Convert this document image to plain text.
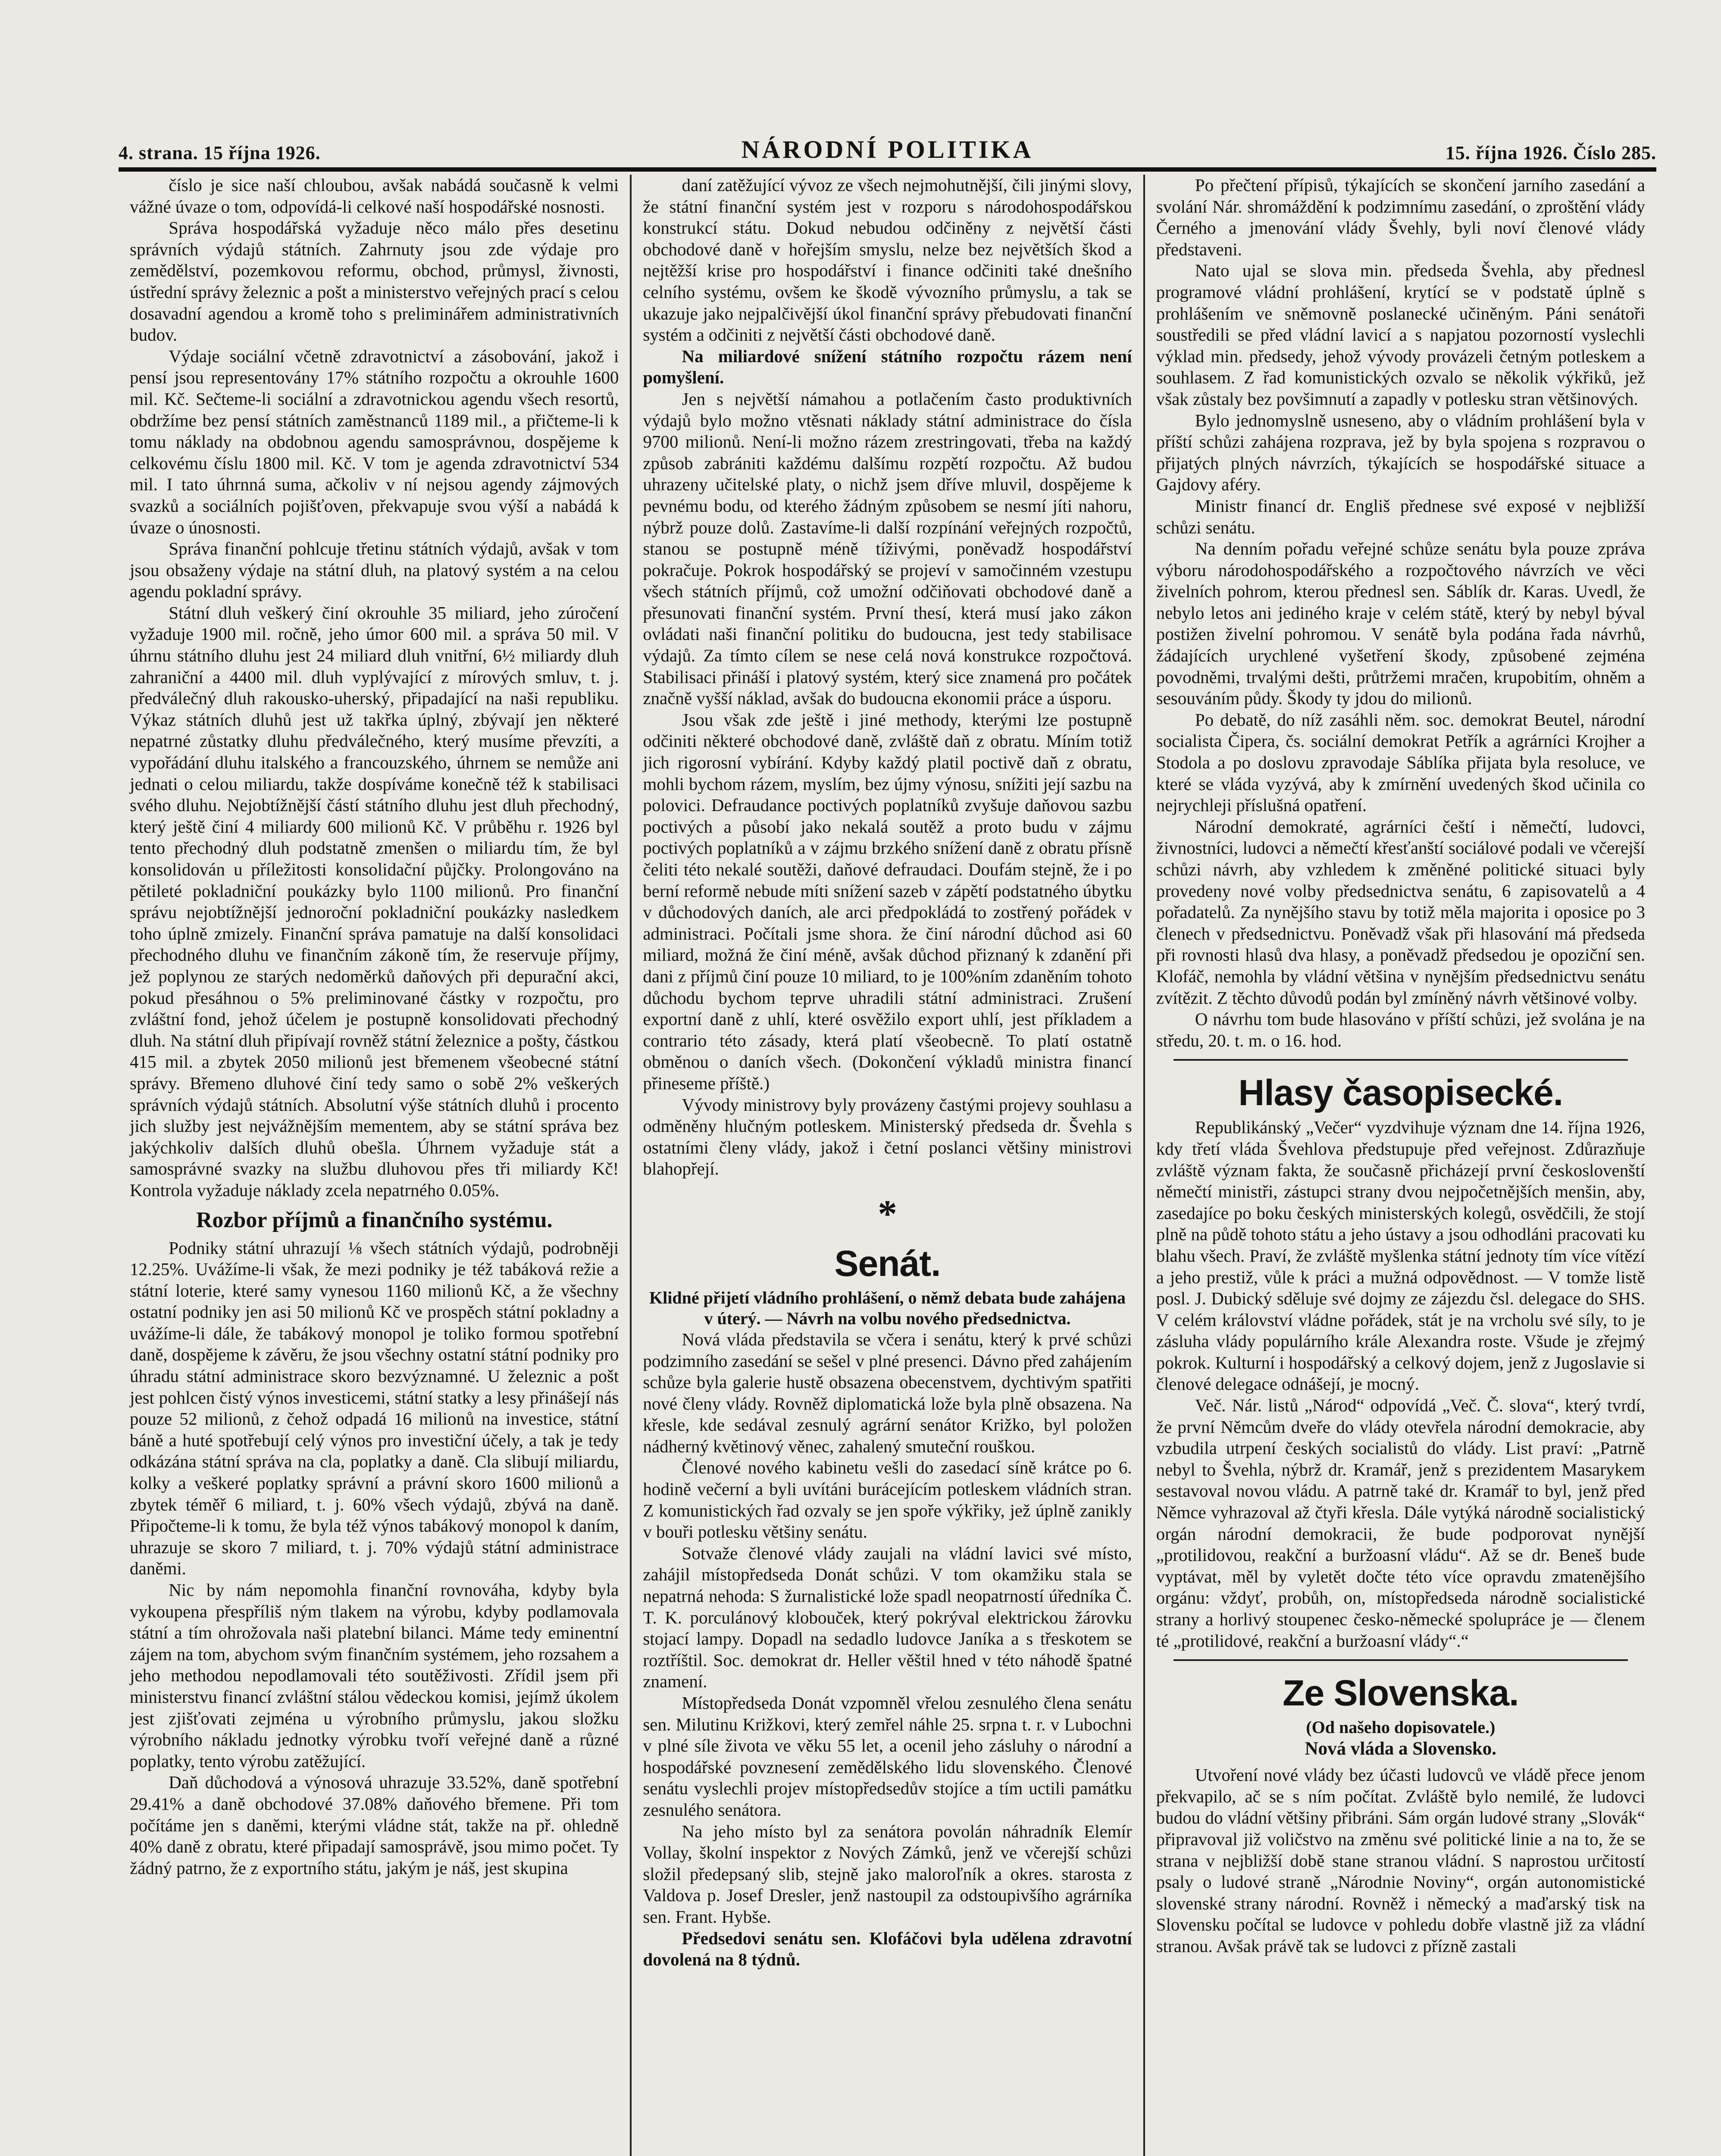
4. strana. 15 října 1926.	NÁRODNÍ POLITIKA	15. října 1926. Číslo 285.

číslo je sice naší chloubou, avšak nabádá současně k velmi vážné úvaze o tom, odpovídá-li celkové naší hospodářské nosnosti.

Správa hospodářská vyžaduje něco málo přes desetinu správních výdajů státních. Zahrnuty jsou zde výdaje pro zemědělství, pozemkovou reformu, obchod, průmysl, živnosti, ústřední správy železnic a pošt a ministerstvo veřejných prací s celou dosavadní agendou a kromě toho s preliminářem administrativních budov.

Výdaje sociální včetně zdravotnictví a zásobování, jakož i pensí jsou representovány 17% státního rozpočtu a okrouhle 1600 mil. Kč. Sečteme-li sociální a zdravotnickou agendu všech resortů, obdržíme bez pensí státních zaměstnanců 1189 mil., a přičteme-li k tomu náklady na obdobnou agendu samosprávnou, dospějeme k celkovému číslu 1800 mil. Kč. V tom je agenda zdravotnictví 534 mil. I tato úhrnná suma, ačkoliv v ní nejsou agendy zájmových svazků a sociálních pojišťoven, překvapuje svou výší a nabádá k úvaze o únosnosti.

Správa finanční pohlcuje třetinu státních výdajů, avšak v tom jsou obsaženy výdaje na státní dluh, na platový systém a na celou agendu pokladní správy.

Státní dluh veškerý činí okrouhle 35 miliard, jeho zúročení vyžaduje 1900 mil. ročně, jeho úmor 600 mil. a správa 50 mil. V úhrnu státního dluhu jest 24 miliard dluh vnitřní, 6½ miliardy dluh zahraniční a 4400 mil. dluh vyplývající z mírových smluv, t. j. předválečný dluh rakousko-uherský, připadající na naši republiku. Výkaz státních dluhů jest už takřka úplný, zbývají jen některé nepatrné zůstatky dluhu předválečného, který musíme převzíti, a vypořádání dluhu italského a francouzského, úhrnem se nemůže ani jednati o celou miliardu, takže dospíváme konečně též k stabilisaci svého dluhu. Nejobtížnější částí státního dluhu jest dluh přechodný, který ještě činí 4 miliardy 600 milionů Kč. V průběhu r. 1926 byl tento přechodný dluh podstatně zmenšen o miliardu tím, že byl konsolidován u příležitosti konsolidační půjčky. Prolongováno na pětileté pokladniční poukázky bylo 1100 milionů. Pro finanční správu nejobtížnější jednoroční pokladniční poukázky nasledkem toho úplně zmizely. Finanční správa pamatuje na další konsolidaci přechodného dluhu ve finančním zákoně tím, že reservuje příjmy, jež poplynou ze starých nedoměrků daňových při depurační akci, pokud přesáhnou o 5% preliminované částky v rozpočtu, pro zvláštní fond, jehož účelem je postupně konsolidovati přechodný dluh. Na státní dluh připívají rovněž státní železnice a pošty, částkou 415 mil. a zbytek 2050 milionů jest břemenem všeobecné státní správy. Břemeno dluhové činí tedy samo o sobě 2% veškerých správních výdajů státních. Absolutní výše státních dluhů i procento jich služby jest nejvážnějším mementem, aby se státní správa bez jakýchkoliv dalších dluhů obešla. Úhrnem vyžaduje stát a samosprávné svazky na službu dluhovou přes tři miliardy Kč! Kontrola vyžaduje náklady zcela nepatrného 0.05%.

Rozbor příjmů a finančního systému.

Podniky státní uhrazují ⅛ všech státních výdajů, podrobněji 12.25%. Uvážíme-li však, že mezi podniky je též tabáková režie a státní loterie, které samy vynesou 1160 milionů Kč, a že všechny ostatní podniky jen asi 50 milionů Kč ve prospěch státní pokladny a uvážíme-li dále, že tabákový monopol je toliko formou spotřební daně, dospějeme k závěru, že jsou všechny ostatní státní podniky pro úhradu státní administrace skoro bezvýznamné. U železnic a pošt jest pohlcen čistý výnos investicemi, státní statky a lesy přinášejí nás pouze 52 milionů, z čehož odpadá 16 milionů na investice, státní báně a huté spotřebují celý výnos pro investiční účely, a tak je tedy odkázána státní správa na cla, poplatky a daně. Cla slibují miliardu, kolky a veškeré poplatky správní a právní skoro 1600 milionů a zbytek téměř 6 miliard, t. j. 60% všech výdajů, zbývá na daně. Připočteme-li k tomu, že byla též výnos tabákový monopol k daním, uhrazuje se skoro 7 miliard, t. j. 70% výdajů státní administrace daněmi.

Nic by nám nepomohla finanční rovnováha, kdyby byla vykoupena přespříliš ným tlakem na výrobu, kdyby podlamovala státní a tím ohrožovala naši platební bilanci. Máme tedy eminentní zájem na tom, abychom svým finančním systémem, jeho rozsahem a jeho methodou nepodlamovali této soutěživosti. Zřídil jsem při ministerstvu financí zvláštní stálou vědeckou komisi, jejímž úkolem jest zjišťovati zejména u výrobního průmyslu, jakou složku výrobního nákladu jednotky výrobku tvoří veřejné daně a různé poplatky, tento výrobu zatěžující.

Daň důchodová a výnosová uhrazuje 33.52%, daně spotřební 29.41% a daně obchodové 37.08% daňového břemene. Při tom počítáme jen s daněmi, kterými vládne stát, takže na př. ohledně 40% daně z obratu, které připadají samosprávě, jsou mimo počet. Ty žádný patrno, že z exportního státu, jakým je náš, jest skupina

daní zatěžující vývoz ze všech nejmohutnější, čili jinými slovy, že státní finanční systém jest v rozporu s národohospodářskou konstrukcí státu. Dokud nebudou odčiněny z největší části obchodové daně v hořejším smyslu, nelze bez největších škod a nejtěžší krise pro hospodářství i finance odčiniti také dnešního celního systému, ovšem ke škodě vývozního průmyslu, a tak se ukazuje jako nejpalčivější úkol finanční správy přebudovati finanční systém a odčiniti z největší části obchodové daně.

Na miliardové snížení státního rozpočtu rázem není pomyšlení.

Jen s největší námahou a potlačením často produktivních výdajů bylo možno vtěsnati náklady státní administrace do čísla 9700 milionů. Není-li možno rázem zrestringovati, třeba na každý způsob zabrániti každému dalšímu rozpětí rozpočtu. Až budou uhrazeny učitelské platy, o nichž jsem dříve mluvil, dospějeme k pevnému bodu, od kterého žádným způsobem se nesmí jíti nahoru, nýbrž pouze dolů. Zastavíme-li další rozpínání veřejných rozpočtů, stanou se postupně méně tíživými, poněvadž hospodářství pokračuje. Pokrok hospodářský se projeví v samočinném vzestupu všech státních příjmů, což umožní odčiňovati obchodové daně a přesunovati finanční systém. První thesí, která musí jako zákon ovládati naši finanční politiku do budoucna, jest tedy stabilisace výdajů. Za tímto cílem se nese celá nová konstrukce rozpočtová. Stabilisaci přináší i platový systém, který sice znamená pro počátek značně vyšší náklad, avšak do budoucna ekonomii práce a úsporu.

Jsou však zde ještě i jiné methody, kterými lze postupně odčiniti některé obchodové daně, zvláště daň z obratu. Míním totiž jich rigorosní vybírání. Kdyby každý platil poctivě daň z obratu, mohli bychom rázem, myslím, bez újmy výnosu, snížiti její sazbu na polovici. Defraudance poctivých poplatníků zvyšuje daňovou sazbu poctivých a působí jako nekalá soutěž a proto budu v zájmu poctivých poplatníků a v zájmu brzkého snížení daně z obratu přísně čeliti této nekalé soutěži, daňové defraudaci. Doufám stejně, že i po berní reformě nebude míti snížení sazeb v zápětí podstatného úbytku v důchodových daních, ale arci předpokládá to zostřený pořádek v administraci. Počítali jsme shora. že činí národní důchod asi 60 miliard, možná že činí méně, avšak důchod přiznaný k zdanění při dani z příjmů činí pouze 10 miliard, to je 100%ním zdaněním tohoto důchodu bychom teprve uhradili státní administraci. Zrušení exportní daně z uhlí, které osvěžilo export uhlí, jest příkladem a contrario této zásady, která platí všeobecně. To platí ostatně obměnou o daních všech. (Dokončení výkladů ministra financí přineseme příště.)

Vývody ministrovy byly provázeny častými projevy souhlasu a odměněny hlučným potleskem. Ministerský předseda dr. Švehla s ostatními členy vlády, jakož i četní poslanci většiny ministrovi blahopřejí.

*
Senát.
Klidné přijetí vládního prohlášení, o němž debata bude zahájena v úterý. — Návrh na volbu nového předsednictva.

Nová vláda představila se včera i senátu, který k prvé schůzi podzimního zasedání se sešel v plné presenci. Dávno před zahájením schůze byla galerie hustě obsazena obecenstvem, dychtivým spatřiti nové členy vlády. Rovněž diplomatická lože byla plně obsazena. Na křesle, kde sedával zesnulý agrární senátor Križko, byl položen nádherný květinový věnec, zahalený smuteční rouškou.

Členové nového kabinetu vešli do zasedací síně krátce po 6. hodině večerní a byli uvítáni burácejícím potleskem vládních stran. Z komunistických řad ozvaly se jen spoře výkřiky, jež úplně zanikly v bouři potlesku většiny senátu.

Sotvaže členové vlády zaujali na vládní lavici své místo, zahájil místopředseda Donát schůzi. V tom okamžiku stala se nepatrná nehoda: S žurnalistické lože spadl neopatrností úředníka Č. T. K. porculánový klobouček, který pokrýval elektrickou žárovku stojací lampy. Dopadl na sedadlo ludovce Janíka a s třeskotem se roztříštil. Soc. demokrat dr. Heller věštil hned v této náhodě špatné znamení.

Místopředseda Donát vzpomněl vřelou zesnulého člena senátu sen. Milutinu Križkovi, který zemřel náhle 25. srpna t. r. v Lubochni v plné síle života ve věku 55 let, a ocenil jeho zásluhy o národní a hospodářské povznesení zemědělského lidu slovenského. Členové senátu vyslechli projev místopředsedův stojíce a tím uctili památku zesnulého senátora.

Na jeho místo byl za senátora povolán náhradník Elemír Vollay, školní inspektor z Nových Zámků, jenž ve včerejší schůzi složil předepsaný slib, stejně jako maloroľník a okres. starosta z Valdova p. Josef Dresler, jenž nastoupil za odstoupivšího agrárníka sen. Frant. Hybše.

Předsedovi senátu sen. Klofáčovi byla udělena zdravotní dovolená na 8 týdnů.

Po přečtení přípisů, týkajících se skončení jarního zasedání a svolání Nár. shromáždění k podzimnímu zasedání, o zproštění vlády Černého a jmenování vlády Švehly, byli noví členové vlády představeni.

Nato ujal se slova min. předseda Švehla, aby přednesl programové vládní prohlášení, krytící se v podstatě úplně s prohlášením ve sněmovně poslanecké učiněným. Páni senátoři soustředili se před vládní lavicí a s napjatou pozorností vyslechli výklad min. předsedy, jehož vývody provázeli četným potleskem a souhlasem. Z řad komunistických ozvalo se několik výkřiků, jež však zůstaly bez povšimnutí a zapadly v potlesku stran většinových.

Bylo jednomyslně usneseno, aby o vládním prohlášení byla v příští schůzi zahájena rozprava, jež by byla spojena s rozpravou o přijatých plných návrzích, týkajících se hospodářské situace a Gajdovy aféry.

Ministr financí dr. Engliš přednese své exposé v nejbližší schůzi senátu.

Na denním pořadu veřejné schůze senátu byla pouze zpráva výboru národohospodářského a rozpočtového návrzích ve věci živelních pohrom, kterou přednesl sen. Sáblík dr. Karas. Uvedl, že nebylo letos ani jediného kraje v celém státě, který by nebyl býval postižen živelní pohromou. V senátě byla podána řada návrhů, žádajících urychlené vyšetření škody, způsobené zejména povodněmi, trvalými dešti, průtržemi mračen, krupobitím, ohněm a sesouváním půdy. Škody ty jdou do milionů.

Po debatě, do níž zasáhli něm. soc. demokrat Beutel, národní socialista Čipera, čs. sociální demokrat Petřík a agrárníci Krojher a Stodola a po doslovu zpravodaje Sáblíka přijata byla resoluce, ve které se vláda vyzývá, aby k zmírnění uvedených škod učinila co nejrychleji příslušná opatření.

Národní demokraté, agrárníci čeští i němečtí, ludovci, živnostníci, ludovci a němečtí křesťanští sociálové podali ve včerejší schůzi návrh, aby vzhledem k změněné politické situaci byly provedeny nové volby předsednictva senátu, 6 zapisovatelů a 4 pořadatelů. Za nynějšího stavu by totiž měla majorita i oposice po 3 členech v předsednictvu. Poněvadž však při hlasování má předseda při rovnosti hlasů dva hlasy, a poněvadž předsedou je opoziční sen. Klofáč, nemohla by vládní většina v nynějším předsednictvu senátu zvítězit. Z těchto důvodů podán byl zmíněný návrh většinové volby.

O návrhu tom bude hlasováno v příští schůzi, jež svolána je na středu, 20. t. m. o 16. hod.

Hlasy časopisecké.

Republikánský „Večer“ vyzdvihuje význam dne 14. října 1926, kdy třetí vláda Švehlova předstupuje před veřejnost. Zdůrazňuje zvláště význam fakta, že současně přicházejí první českoslovenští němečtí ministři, zástupci strany dvou nejpočetnějších menšin, aby, zasedajíce po boku českých ministerských kolegů, osvědčili, že stojí plně na půdě tohoto státu a jeho ústavy a jsou odhodláni pracovati ku blahu všech. Praví, že zvláště myšlenka státní jednoty tím více vítězí a jeho prestiž, vůle k práci a mužná odpovědnost. — V tomže listě posl. J. Dubický sděluje své dojmy ze zájezdu čsl. delegace do SHS. V celém království vládne pořádek, stát je na vrcholu své síly, to je zásluha vlády populárního krále Alexandra roste. Všude je zřejmý pokrok. Kulturní i hospodářský a celkový dojem, jenž z Jugoslavie si členové delegace odnášejí, je mocný.

Več. Nár. listů „Národ“ odpovídá „Več. Č. slova“, který tvrdí, že první Němcům dveře do vlády otevřela národní demokracie, aby vzbudila utrpení českých socialistů do vlády. List praví: „Patrně nebyl to Švehla, nýbrž dr. Kramář, jenž s prezidentem Masarykem sestavoval novou vládu. A patrně také dr. Kramář to byl, jenž před Němce vyhrazoval až čtyři křesla. Dále vytýká národně socialistický orgán národní demokracii, že bude podporovat nynější „protilidovou, reakční a buržoasní vládu“. Až se dr. Beneš bude vyptávat, měl by vyletět dočte této více opravdu zmatenějšího orgánu: vždyť, probůh, on, místopředseda národně socialistické strany a horlivý stoupenec česko-německé spolupráce je — členem té „protilidové, reakční a buržoasní vlády“.“

Ze Slovenska.
(Od našeho dopisovatele.)
Nová vláda a Slovensko.

Utvoření nové vlády bez účasti ludovců ve vládě přece jenom překvapilo, ač se s ním počítat. Zvláště bylo nemilé, že ludovci budou do vládní většiny přibráni. Sám orgán ludové strany „Slovák“ připravoval již voličstvo na změnu své politické linie a na to, že se strana v nejbližší době stane stranou vládní. S naprostou určitostí psaly o ludové straně „Národnie Noviny“, orgán autonomistické slovenské strany národní. Rovněž i německý a maďarský tisk na Slovensku počítal se ludovce v pohledu dobře vlastně již za vládní stranou. Avšak právě tak se ludovci z přízně zastali
